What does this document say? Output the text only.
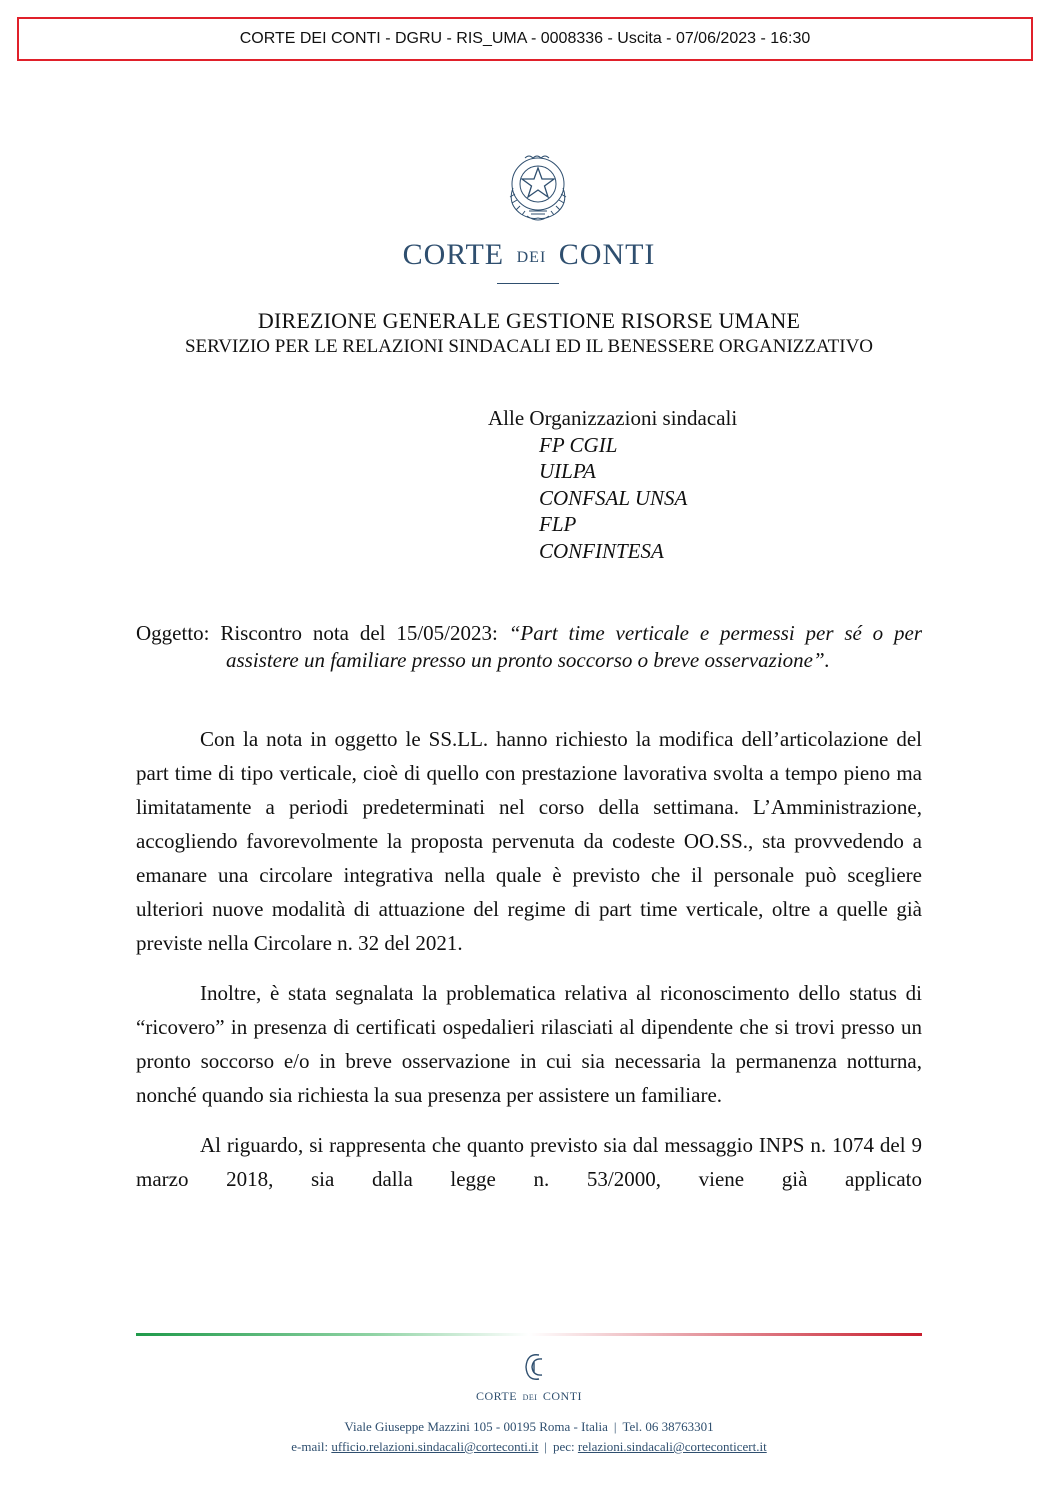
CORTE DEI CONTI - DGRU - RIS_UMA - 0008336 - Uscita - 07/06/2023 - 16:30
CORTE DEI CONTI
DIREZIONE GENERALE GESTIONE RISORSE UMANE
SERVIZIO PER LE RELAZIONI SINDACALI ED IL BENESSERE ORGANIZZATIVO
Alle Organizzazioni sindacali
FP CGIL
UILPA
CONFSAL UNSA
FLP
CONFINTESA
Oggetto: Riscontro nota del 15/05/2023: “Part time verticale e permessi per sé o per
assistere un familiare presso un pronto soccorso o breve osservazione”.

Con la nota in oggetto le SS.LL. hanno richiesto la modifica dell’articolazione del part time di tipo verticale, cioè di quello con prestazione lavorativa svolta a tempo pieno ma limitatamente a periodi predeterminati nel corso della settimana. L’Amministrazione, accogliendo favorevolmente la proposta pervenuta da codeste OO.SS., sta provvedendo a emanare una circolare integrativa nella quale è previsto che il personale può scegliere ulteriori nuove modalità di attuazione del regime di part time verticale, oltre a quelle già previste nella Circolare n. 32 del 2021.

Inoltre, è stata segnalata la problematica relativa al riconoscimento dello status di “ricovero” in presenza di certificati ospedalieri rilasciati al dipendente che si trovi presso un pronto soccorso e/o in breve osservazione in cui sia necessaria la permanenza notturna, nonché quando sia richiesta la sua presenza per assistere un familiare.

Al riguardo, si rappresenta che quanto previsto sia dal messaggio INPS n. 1074 del 9 marzo 2018, sia dalla legge n. 53/2000, viene già applicato

CORTE DEI CONTI
Viale Giuseppe Mazzini 105 - 00195 Roma - Italia | Tel. 06 38763301
e-mail: ufficio.relazioni.sindacali@corteconti.it | pec: relazioni.sindacali@corteconticert.it
